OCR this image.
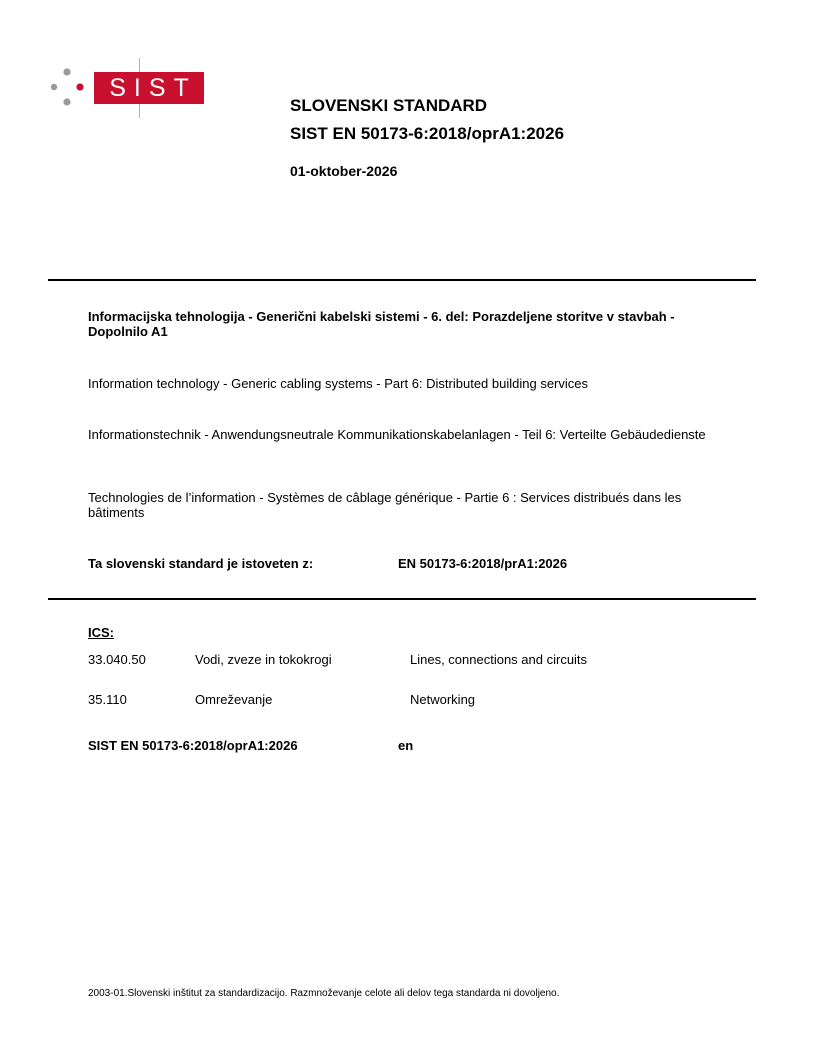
SIST
SLOVENSKI STANDARD
SIST EN 50173-6:2018/oprA1:2026
01-oktober-2026
Informacijska tehnologija - Generični kabelski sistemi - 6. del: Porazdeljene storitve v stavbah - Dopolnilo A1
Information technology - Generic cabling systems - Part 6: Distributed building services
Informationstechnik - Anwendungsneutrale Kommunikationskabelanlagen - Teil 6: Verteilte Gebäudedienste
Technologies de l’information - Systèmes de câblage générique - Partie 6 : Services distribués dans les bâtiments
Ta slovenski standard je istoveten z:	EN 50173-6:2018/prA1:2026
ICS:
33.040.50	Vodi, zveze in tokokrogi	Lines, connections and circuits
35.110	Omreževanje	Networking
SIST EN 50173-6:2018/oprA1:2026	en
2003-01.Slovenski inštitut za standardizacijo. Razmnoževanje celote ali delov tega standarda ni dovoljeno.
